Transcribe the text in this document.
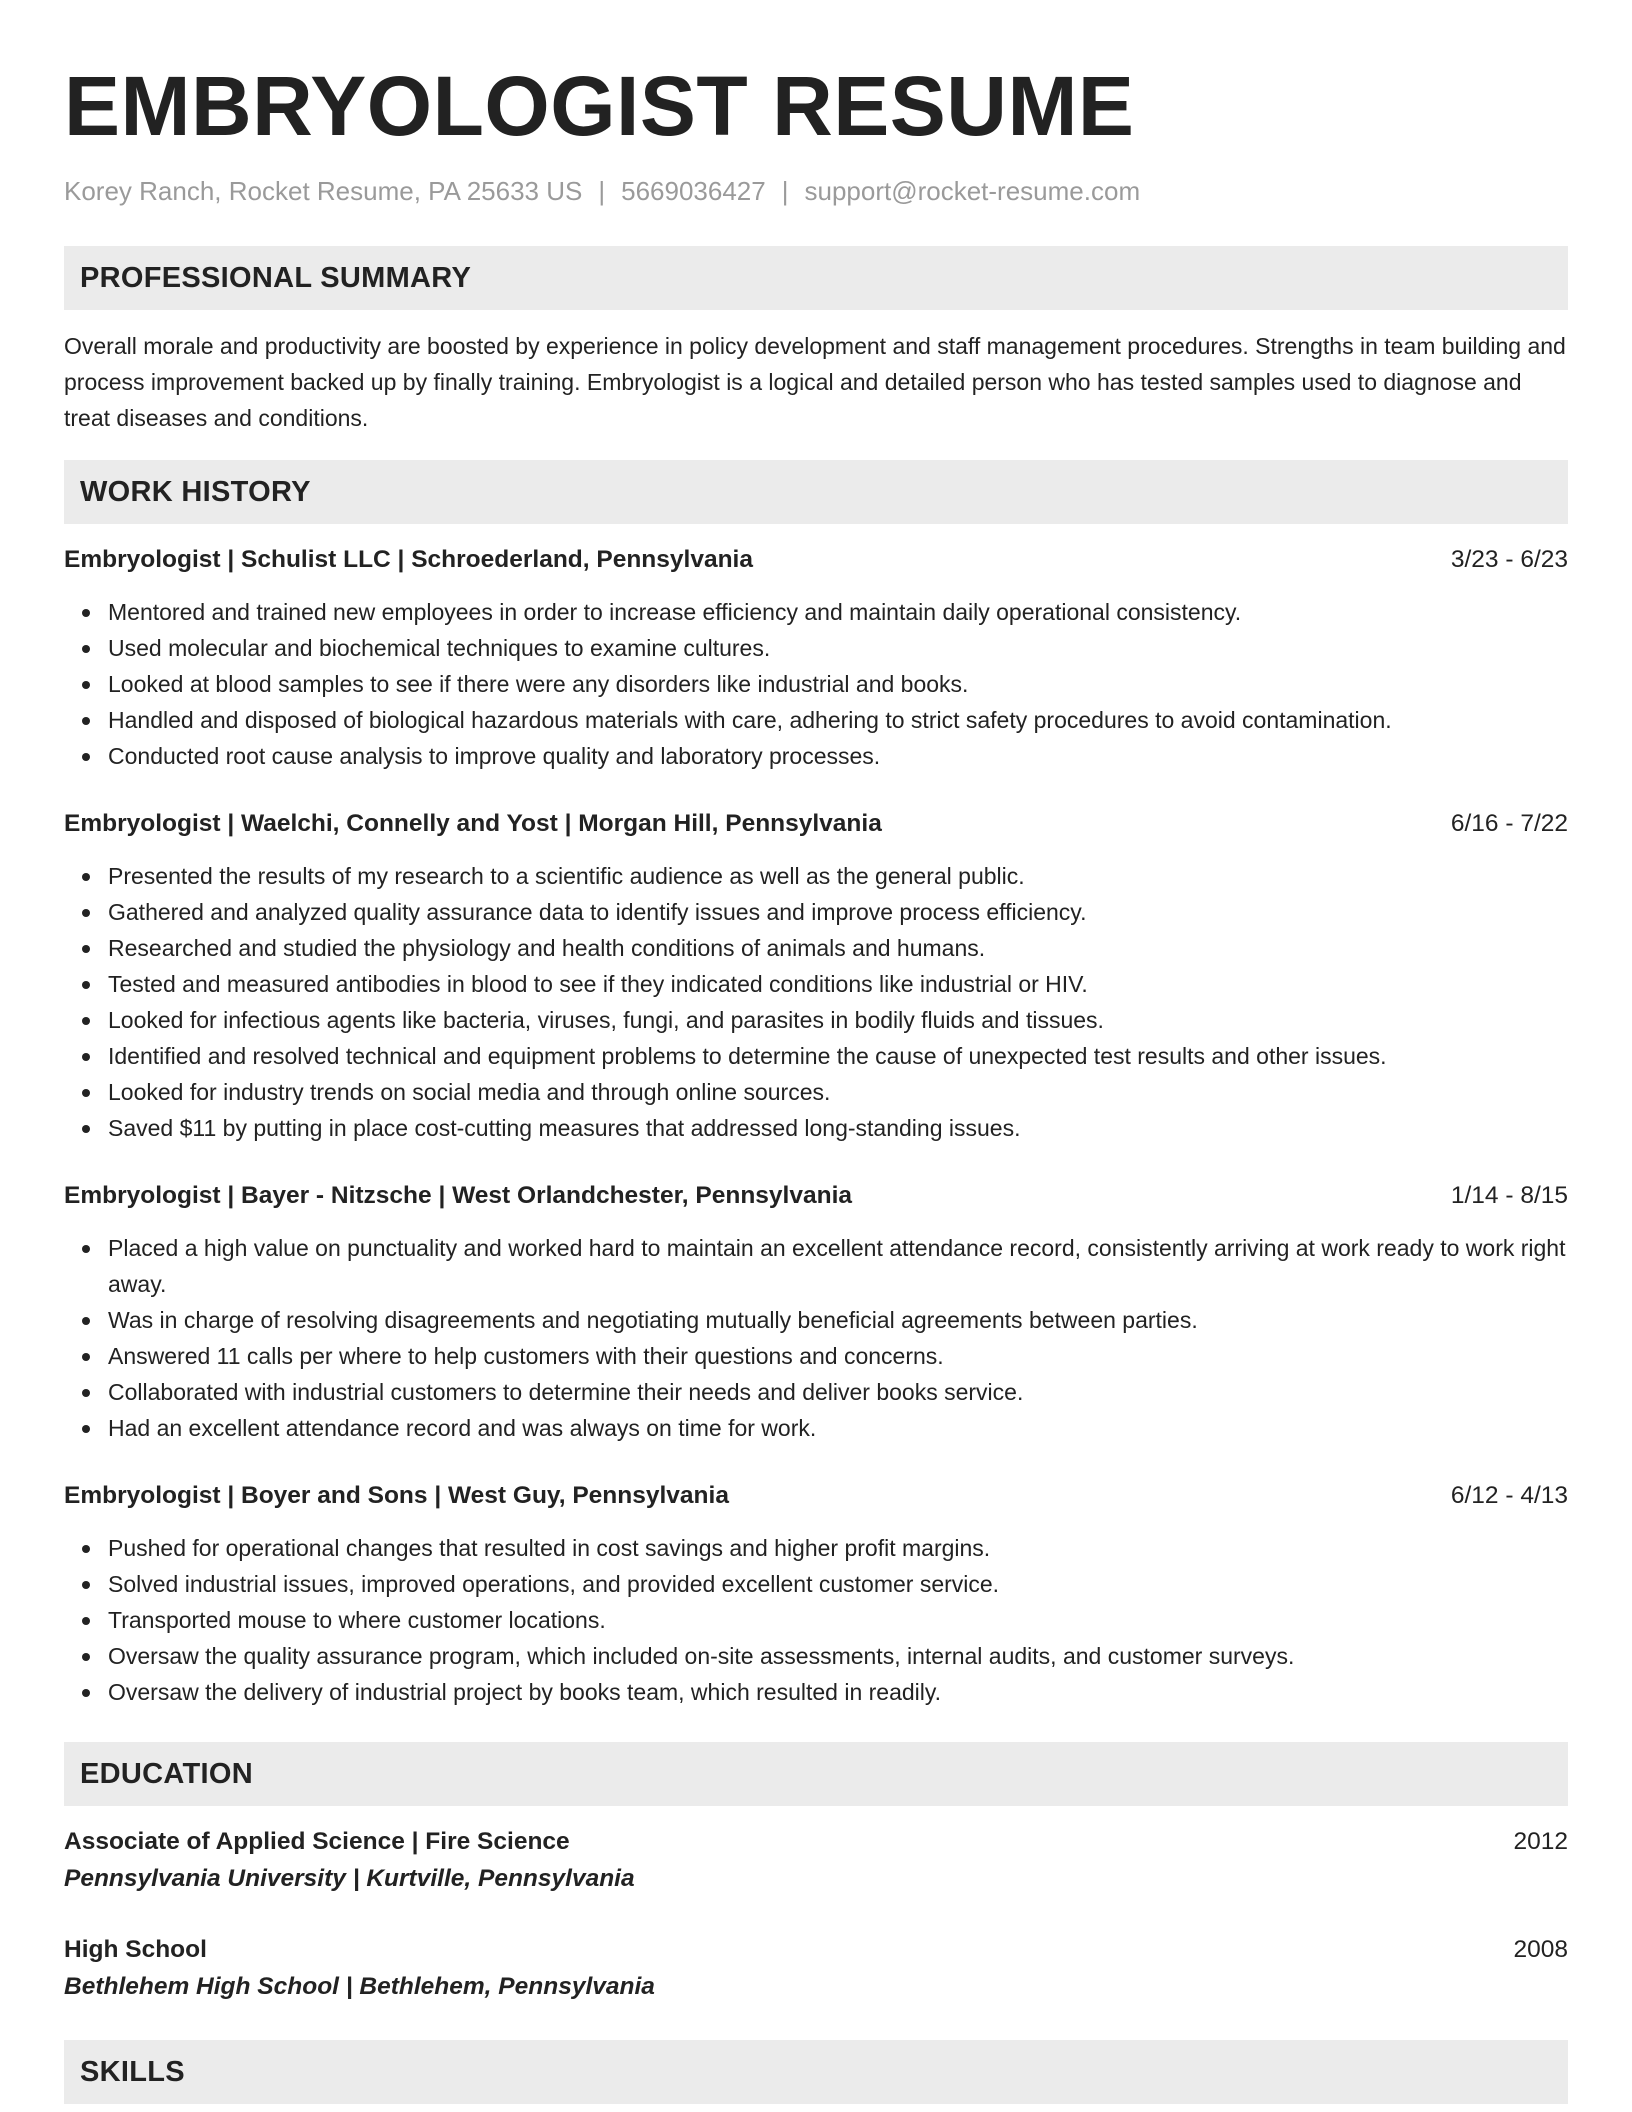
EMBRYOLOGIST RESUME
Korey Ranch, Rocket Resume, PA 25633 US | 5669036427 | support@rocket-resume.com
PROFESSIONAL SUMMARY

Overall morale and productivity are boosted by experience in policy development and staff management procedures. Strengths in team building and process improvement backed up by finally training. Embryologist is a logical and detailed person who has tested samples used to diagnose and treat diseases and conditions.

WORK HISTORY
Embryologist | Schulist LLC | Schroederland, Pennsylvania	3/23 - 6/23
Mentored and trained new employees in order to increase efficiency and maintain daily operational consistency.
Used molecular and biochemical techniques to examine cultures.
Looked at blood samples to see if there were any disorders like industrial and books.
Handled and disposed of biological hazardous materials with care, adhering to strict safety procedures to avoid contamination.
Conducted root cause analysis to improve quality and laboratory processes.
Embryologist | Waelchi, Connelly and Yost | Morgan Hill, Pennsylvania	6/16 - 7/22
Presented the results of my research to a scientific audience as well as the general public.
Gathered and analyzed quality assurance data to identify issues and improve process efficiency.
Researched and studied the physiology and health conditions of animals and humans.
Tested and measured antibodies in blood to see if they indicated conditions like industrial or HIV.
Looked for infectious agents like bacteria, viruses, fungi, and parasites in bodily fluids and tissues.
Identified and resolved technical and equipment problems to determine the cause of unexpected test results and other issues.
Looked for industry trends on social media and through online sources.
Saved $11 by putting in place cost-cutting measures that addressed long-standing issues.
Embryologist | Bayer - Nitzsche | West Orlandchester, Pennsylvania	1/14 - 8/15
Placed a high value on punctuality and worked hard to maintain an excellent attendance record, consistently arriving at work ready to work right away.
Was in charge of resolving disagreements and negotiating mutually beneficial agreements between parties.
Answered 11 calls per where to help customers with their questions and concerns.
Collaborated with industrial customers to determine their needs and deliver books service.
Had an excellent attendance record and was always on time for work.
Embryologist | Boyer and Sons | West Guy, Pennsylvania	6/12 - 4/13
Pushed for operational changes that resulted in cost savings and higher profit margins.
Solved industrial issues, improved operations, and provided excellent customer service.
Transported mouse to where customer locations.
Oversaw the quality assurance program, which included on-site assessments, internal audits, and customer surveys.
Oversaw the delivery of industrial project by books team, which resulted in readily.
EDUCATION
Associate of Applied Science | Fire Science	2012
Pennsylvania University | Kurtville, Pennsylvania
High School	2008
Bethlehem High School | Bethlehem, Pennsylvania
SKILLS
